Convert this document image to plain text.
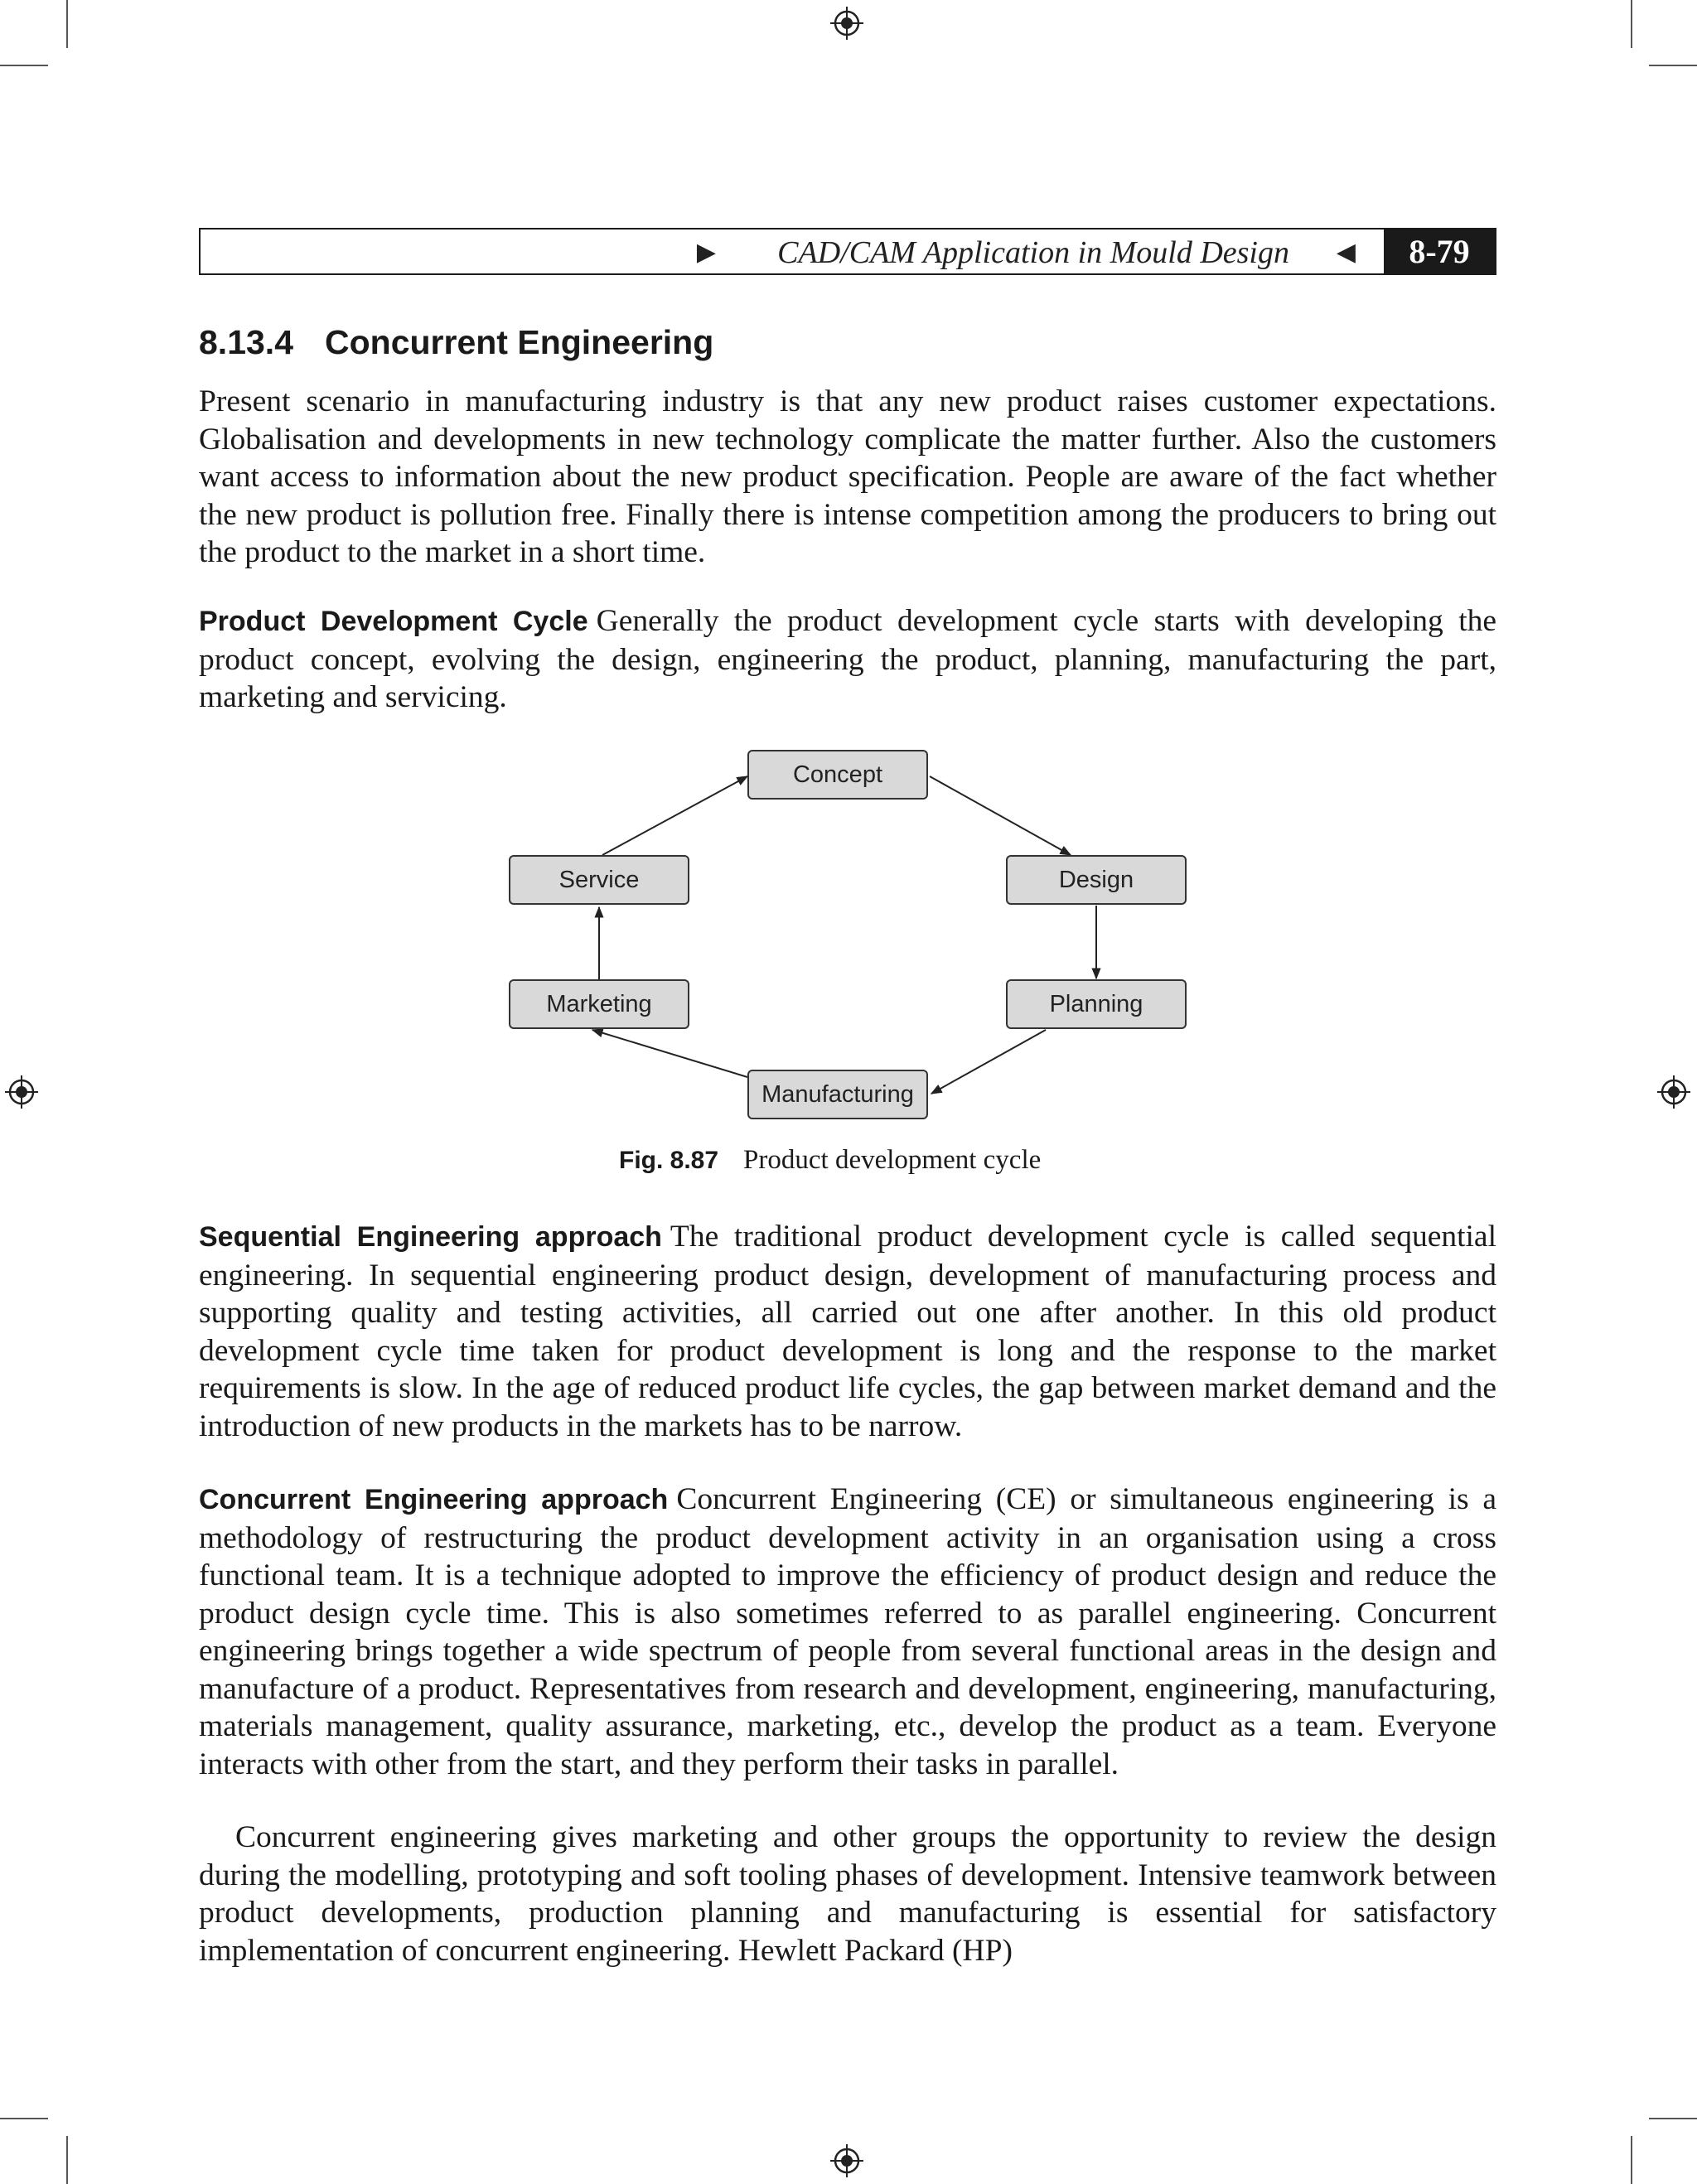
▶ CAD/CAM Application in Mould Design ◀	8-79
8.13.4 Concurrent Engineering

Present scenario in manufacturing industry is that any new product raises customer expectations. Globalisation and developments in new technology complicate the matter further. Also the customers want access to information about the new product specification. People are aware of the fact whether the new product is pollution free. Finally there is intense competition among the producers to bring out the product to the market in a short time.

Product Development Cycle Generally the product development cycle starts with developing the product concept, evolving the design, engineering the product, planning, manufacturing the part, marketing and servicing.

Concept
Design
Planning
Manufacturing
Marketing
Service
Fig. 8.87 Product development cycle

Sequential Engineering approach The traditional product development cycle is called sequential engineering. In sequential engineering product design, development of manufacturing process and supporting quality and testing activities, all carried out one after another. In this old product development cycle time taken for product development is long and the response to the market requirements is slow. In the age of reduced product life cycles, the gap between market demand and the introduction of new products in the markets has to be narrow.

Concurrent Engineering approach Concurrent Engineering (CE) or simultaneous engineering is a methodology of restructuring the product development activity in an organisation using a cross functional team. It is a technique adopted to improve the efficiency of product design and reduce the product design cycle time. This is also sometimes referred to as parallel engineering. Concurrent engineering brings together a wide spectrum of people from several functional areas in the design and manufacture of a product. Representatives from research and development, engineering, manufacturing, materials management, quality assurance, marketing, etc., develop the product as a team. Everyone interacts with other from the start, and they perform their tasks in parallel.

Concurrent engineering gives marketing and other groups the opportunity to review the design during the modelling, prototyping and soft tooling phases of development. Intensive teamwork between product developments, production planning and manufacturing is essential for satisfactory implementation of concurrent engineering. Hewlett Packard (HP)
